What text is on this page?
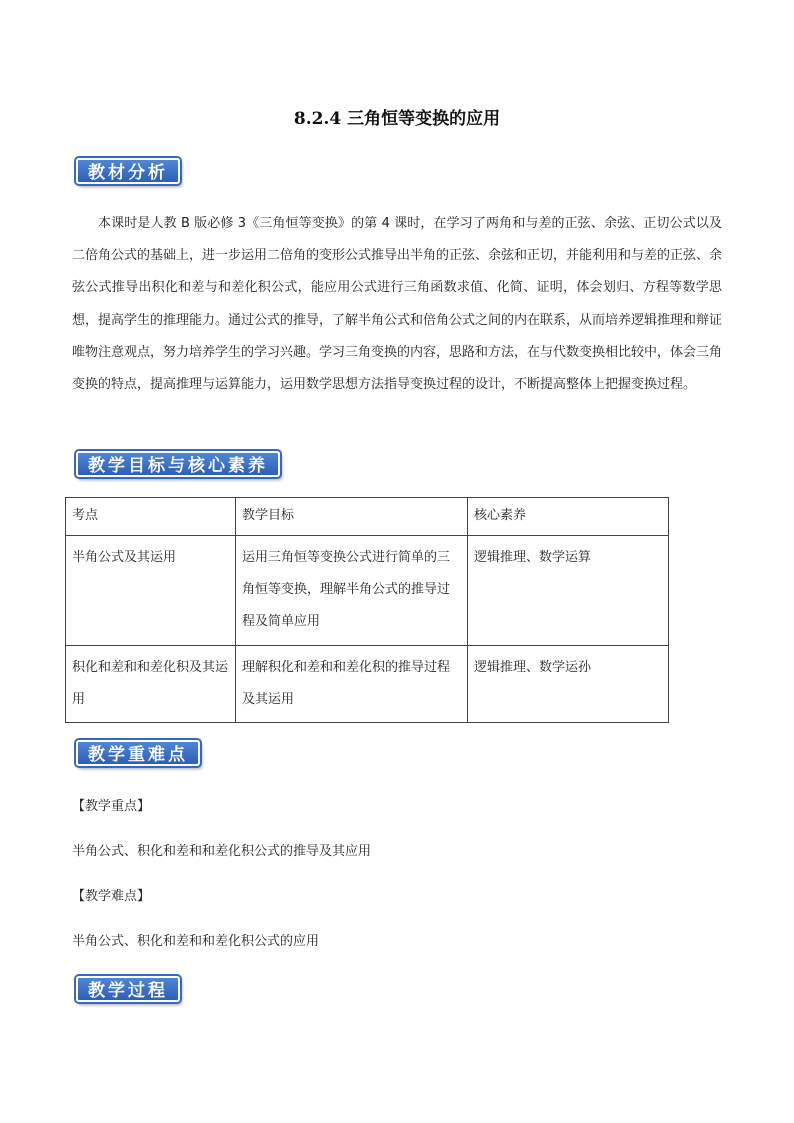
8.2.4 三角恒等变换的应用
教材分析

本课时是人教 B 版必修 3《三角恒等变换》的第 4 课时，在学习了两角和与差的正弦、余弦、正切公式以及二倍角公式的基础上，进一步运用二倍角的变形公式推导出半角的正弦、余弦和正切，并能利用和与差的正弦、余弦公式推导出积化和差与和差化积公式，能应用公式进行三角函数求值、化简、证明，体会划归、方程等数学思想，提高学生的推理能力。通过公式的推导，了解半角公式和倍角公式之间的内在联系，从而培养逻辑推理和辩证唯物注意观点，努力培养学生的学习兴趣。学习三角变换的内容，思路和方法，在与代数变换相比较中，体会三角变换的特点，提高推理与运算能力，运用数学思想方法指导变换过程的设计，不断提高整体上把握变换过程。

教学目标与核心素养
考点	教学目标	核心素养
半角公式及其运用	运用三角恒等变换公式进行简单的三角恒等变换，理解半角公式的推导过程及简单应用	逻辑推理、数学运算
积化和差和和差化积及其运用	理解积化和差和和差化积的推导过程及其运用	逻辑推理、数学运孙
教学重难点

【教学重点】

半角公式、积化和差和和差化积公式的推导及其应用

【教学难点】

半角公式、积化和差和和差化积公式的应用

教学过程
